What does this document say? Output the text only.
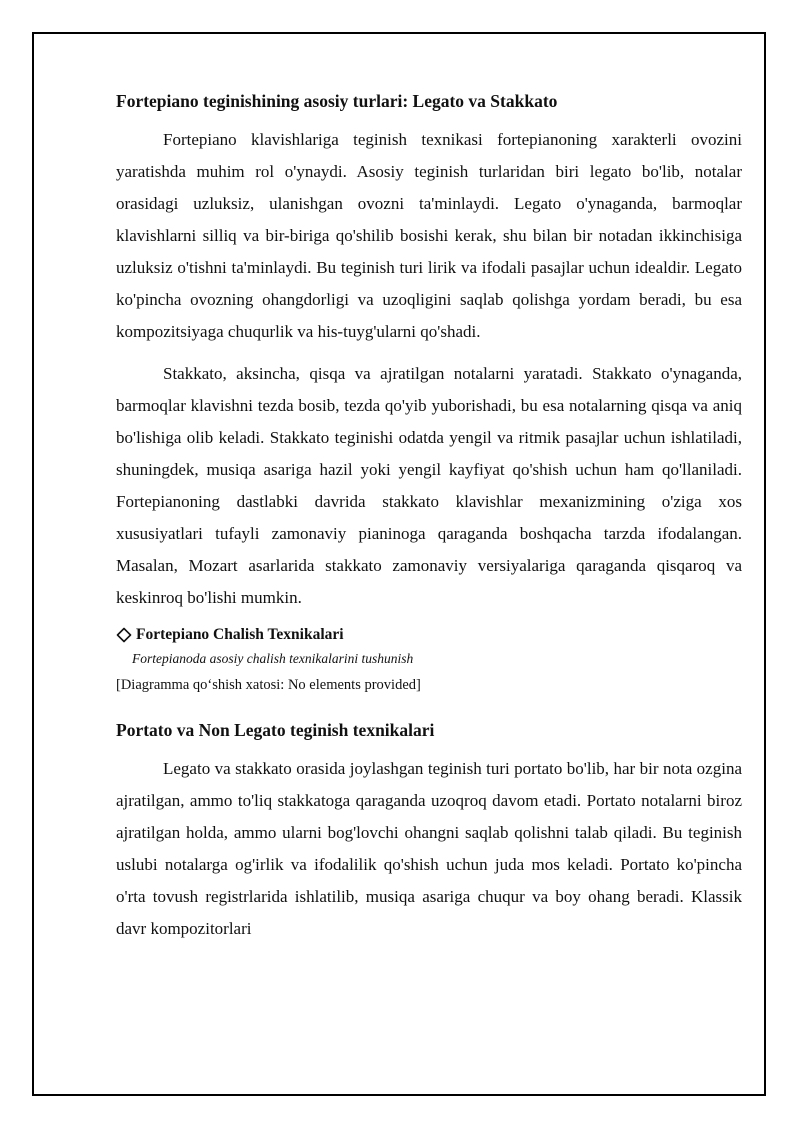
Fortepiano teginishining asosiy turlari: Legato va Stakkato

Fortepiano klavishlariga teginish texnikasi fortepianoning xarakterli ovozini yaratishda muhim rol o'ynaydi. Asosiy teginish turlaridan biri legato bo'lib, notalar orasidagi uzluksiz, ulanishgan ovozni ta'minlaydi. Legato o'ynaganda, barmoqlar klavishlarni silliq va bir-biriga qo'shilib bosishi kerak, shu bilan bir notadan ikkinchisiga uzluksiz o'tishni ta'minlaydi. Bu teginish turi lirik va ifodali pasajlar uchun idealdir. Legato ko'pincha ovozning ohangdorligi va uzoqligini saqlab qolishga yordam beradi, bu esa kompozitsiyaga chuqurlik va his-tuyg'ularni qo'shadi.

Stakkato, aksincha, qisqa va ajratilgan notalarni yaratadi. Stakkato o'ynaganda, barmoqlar klavishni tezda bosib, tezda qo'yib yuborishadi, bu esa notalarning qisqa va aniq bo'lishiga olib keladi. Stakkato teginishi odatda yengil va ritmik pasajlar uchun ishlatiladi, shuningdek, musiqa asariga hazil yoki yengil kayfiyat qo'shish uchun ham qo'llaniladi. Fortepianoning dastlabki davrida stakkato klavishlar mexanizmining o'ziga xos xususiyatlari tufayli zamonaviy pianinoga qaraganda boshqacha tarzda ifodalangan. Masalan, Mozart asarlarida stakkato zamonaviy versiyalariga qaraganda qisqaroq va keskinroq bo'lishi mumkin.

Fortepiano Chalish Texnikalari
Fortepianoda asosiy chalish texnikalarini tushunish
[Diagramma qo‘shish xatosi: No elements provided]
Portato va Non Legato teginish texnikalari

Legato va stakkato orasida joylashgan teginish turi portato bo'lib, har bir nota ozgina ajratilgan, ammo to'liq stakkatoga qaraganda uzoqroq davom etadi. Portato notalarni biroz ajratilgan holda, ammo ularni bog'lovchi ohangni saqlab qolishni talab qiladi. Bu teginish uslubi notalarga og'irlik va ifodalilik qo'shish uchun juda mos keladi. Portato ko'pincha o'rta tovush registrlarida ishlatilib, musiqa asariga chuqur va boy ohang beradi. Klassik davr kompozitorlari
